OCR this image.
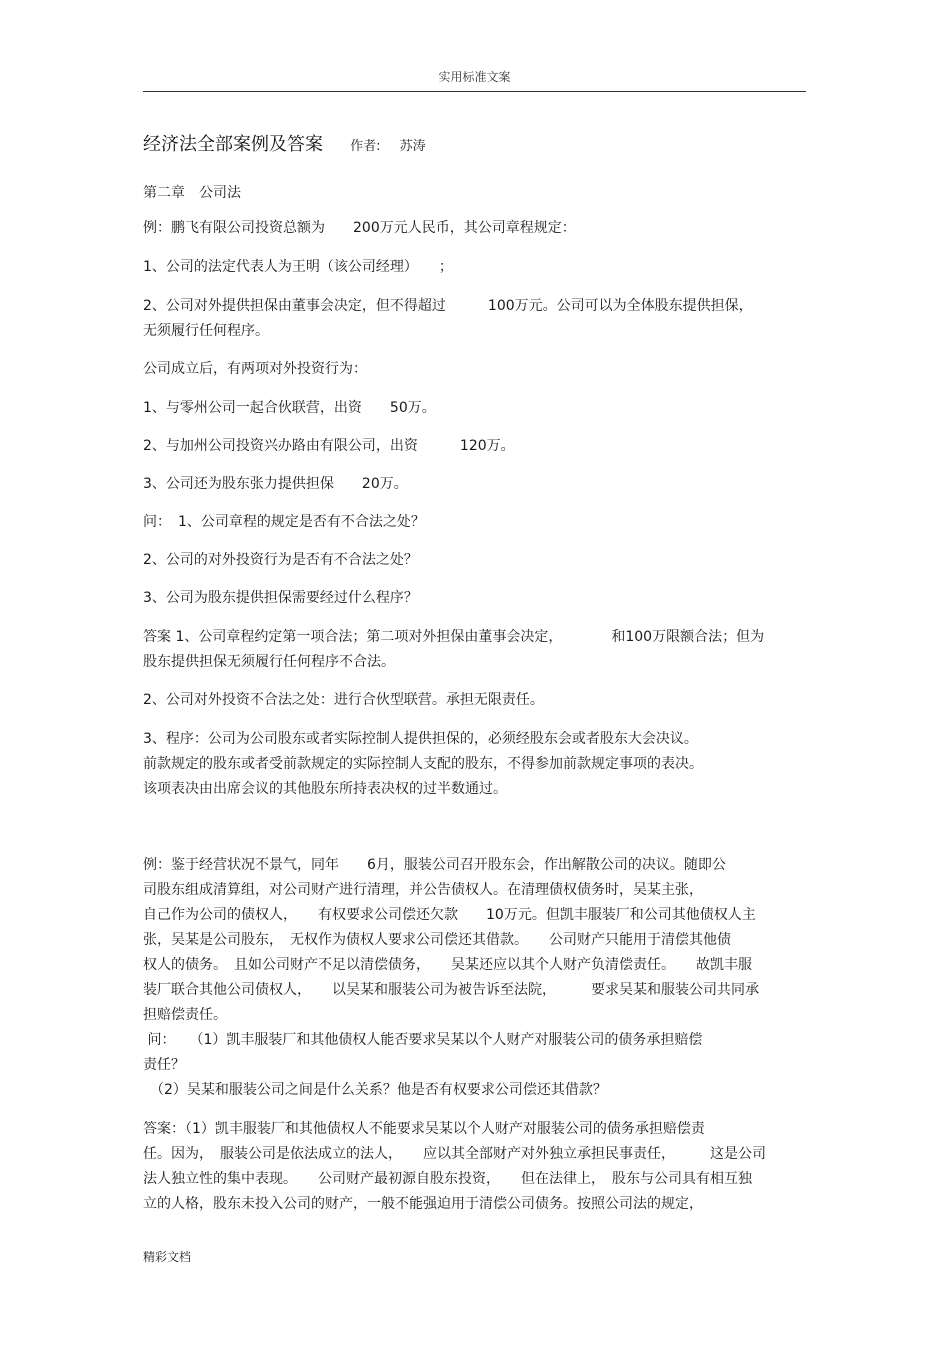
实用标准文案
经济法全部案例及答案 作者: 苏涛
第二章　公司法
例：鹏飞有限公司投资总额为　　200万元人民币，其公司章程规定：
1、公司的法定代表人为王明（该公司经理）　　；
2、公司对外提供担保由董事会决定，但不得超过　　　100万元。公司可以为全体股东提供担保，
无须履行任何程序。
公司成立后，有两项对外投资行为：
1、与零州公司一起合伙联营，出资　　50万。
2、与加州公司投资兴办路由有限公司，出资　　　120万。
3、公司还为股东张力提供担保　　20万。
问：　1、公司章程的规定是否有不合法之处？
2、公司的对外投资行为是否有不合法之处？
3、公司为股东提供担保需要经过什么程序？
答案 1、公司章程约定第一项合法；第二项对外担保由董事会决定，　　　　和100万限额合法；但为
股东提供担保无须履行任何程序不合法。
2、公司对外投资不合法之处：进行合伙型联营。承担无限责任。
3、程序：公司为公司股东或者实际控制人提供担保的，必须经股东会或者股东大会决议。
前款规定的股东或者受前款规定的实际控制人支配的股东，不得参加前款规定事项的表决。
该项表决由出席会议的其他股东所持表决权的过半数通过。
例：鉴于经营状况不景气，同年　　6月，服装公司召开股东会，作出解散公司的决议。随即公
司股东组成清算组，对公司财产进行清理，并公告债权人。在清理债权债务时，吴某主张，
自己作为公司的债权人，　　有权要求公司偿还欠款　　10万元。但凯丰服装厂和公司其他债权人主
张，吴某是公司股东，　无权作为债权人要求公司偿还其借款。　　公司财产只能用于清偿其他债
权人的债务。　且如公司财产不足以清偿债务，　　吴某还应以其个人财产负清偿责任。　　故凯丰服
装厂联合其他公司债权人，　　以吴某和服装公司为被告诉至法院，　　　要求吴某和服装公司共同承
担赔偿责任。
问：　　（1）凯丰服装厂和其他债权人能否要求吴某以个人财产对服装公司的债务承担赔偿
责任？
　（2）吴某和服装公司之间是什么关系？他是否有权要求公司偿还其借款？
答案：（1）凯丰服装厂和其他债权人不能要求吴某以个人财产对服装公司的债务承担赔偿责
任。因为，　服装公司是依法成立的法人，　　应以其全部财产对外独立承担民事责任，　　　这是公司
法人独立性的集中表现。　　公司财产最初源自股东投资，　　但在法律上，　股东与公司具有相互独
立的人格，股东未投入公司的财产，一般不能强迫用于清偿公司债务。按照公司法的规定，
精彩文档
